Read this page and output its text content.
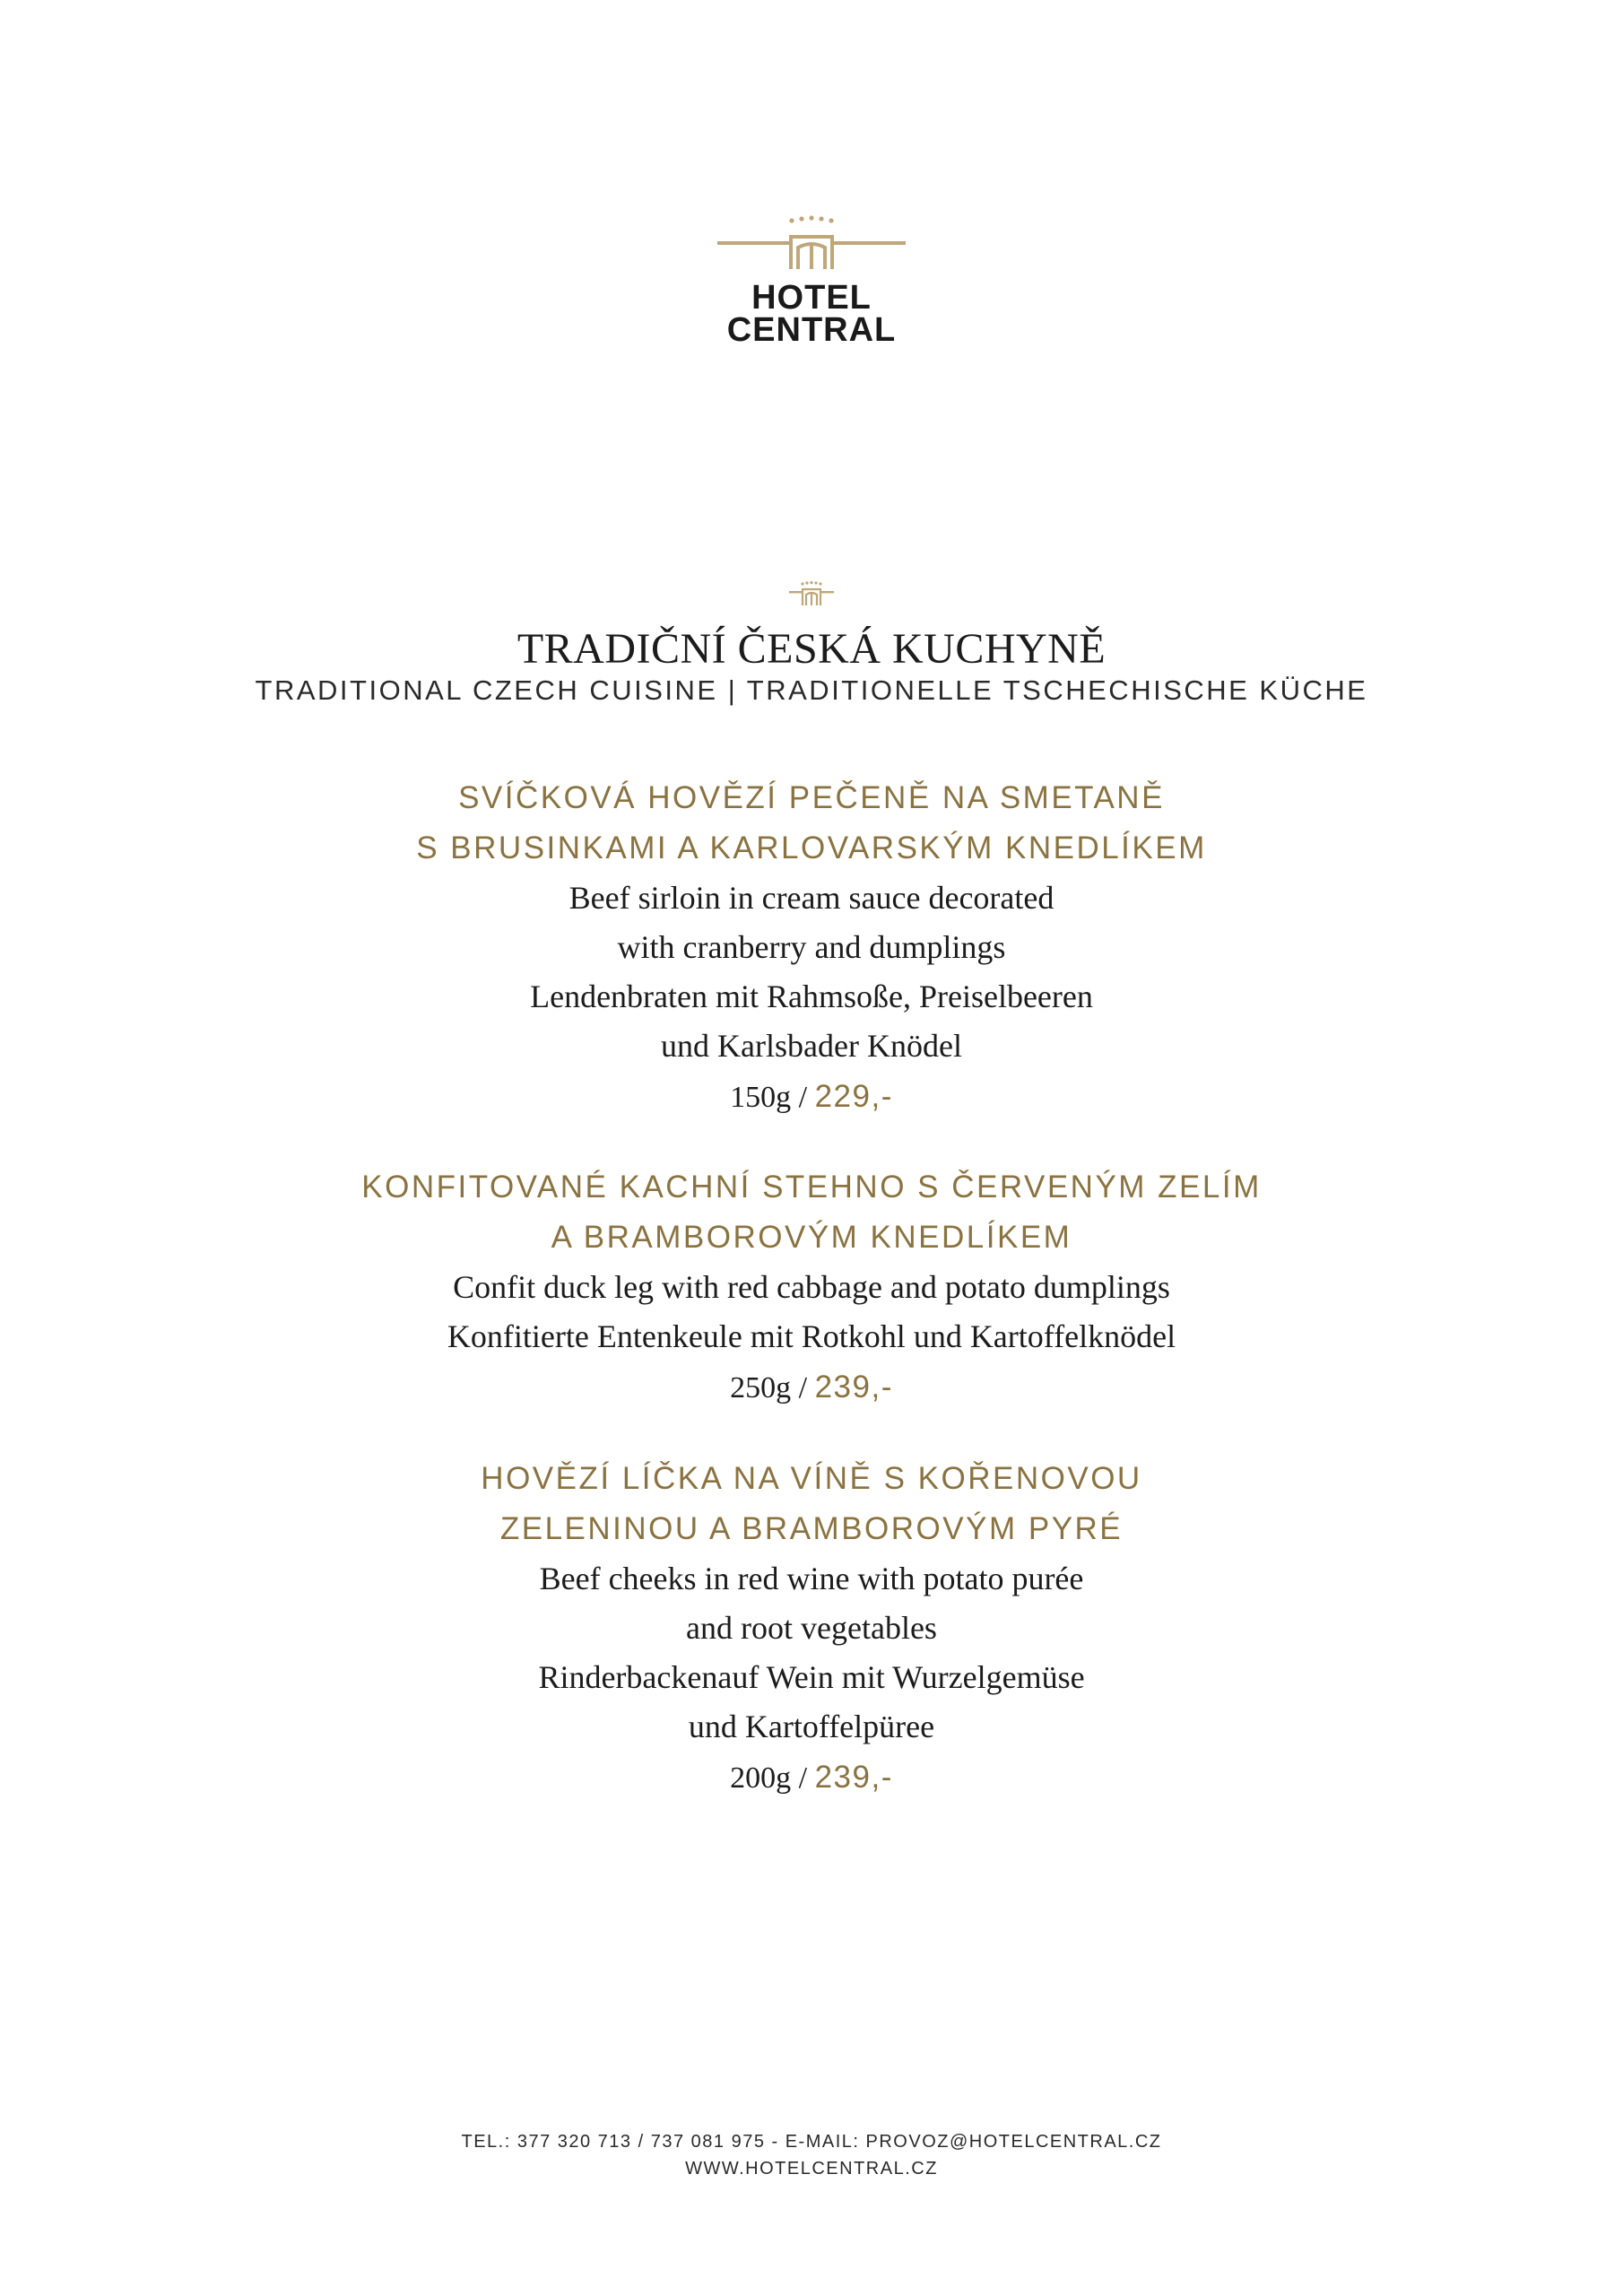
HOTEL
CENTRAL
TRADIČNÍ ČESKÁ KUCHYNĚ
TRADITIONAL CZECH CUISINE | TRADITIONELLE TSCHECHISCHE KÜCHE
SVÍČKOVÁ HOVĚZÍ PEČENĚ NA SMETANĚ
S BRUSINKAMI A KARLOVARSKÝM KNEDLÍKEM
Beef sirloin in cream sauce decorated
with cranberry and dumplings
Lendenbraten mit Rahmsoße, Preiselbeeren
und Karlsbader Knödel
150g / 229,-
KONFITOVANÉ KACHNÍ STEHNO S ČERVENÝM ZELÍM
A BRAMBOROVÝM KNEDLÍKEM
Confit duck leg with red cabbage and potato dumplings
Konfitierte Entenkeule mit Rotkohl und Kartoffelknödel
250g / 239,-
HOVĚZÍ LÍČKA NA VÍNĚ S KOŘENOVOU
ZELENINOU A BRAMBOROVÝM PYRÉ
Beef cheeks in red wine with potato purée
and root vegetables
Rinderbackenauf Wein mit Wurzelgemüse
und Kartoffelpüree
200g / 239,-
TEL.: 377 320 713 / 737 081 975 - E-MAIL: PROVOZ@HOTELCENTRAL.CZ
WWW.HOTELCENTRAL.CZ
